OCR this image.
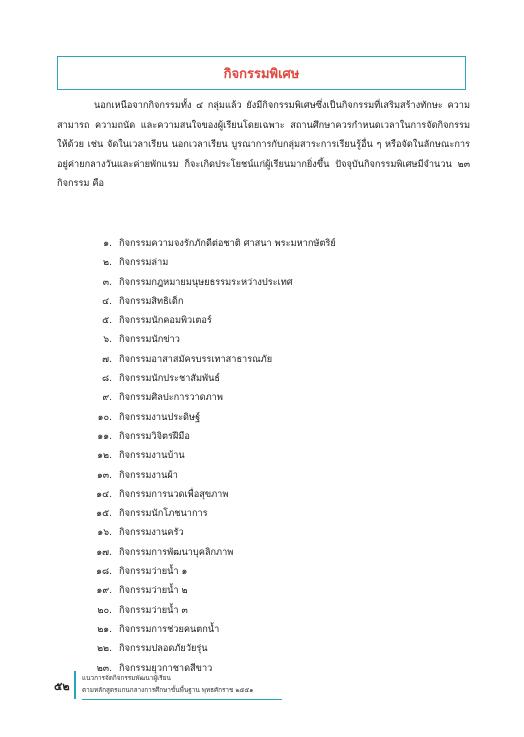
กิจกรรมพิเศษ

นอกเหนือจากกิจกรรมทั้ง ๔ กลุ่มแล้ว ยังมีกิจกรรมพิเศษซึ่งเป็นกิจกรรมที่เสริมสร้างทักษะ ความสามารถ ความถนัด และความสนใจของผู้เรียนโดยเฉพาะ สถานศึกษาควรกำหนดเวลาในการจัดกิจกรรมให้ด้วย เช่น จัดในเวลาเรียน นอกเวลาเรียน บูรณาการกับกลุ่มสาระการเรียนรู้อื่น ๆ หรือจัดในลักษณะการอยู่ค่ายกลางวันและค่ายพักแรม ก็จะเกิดประโยชน์แก่ผู้เรียนมากยิ่งขึ้น ปัจจุบันกิจกรรมพิเศษมีจำนวน ๒๓ กิจกรรม คือ

๑. กิจกรรมความจงรักภักดีต่อชาติ ศาสนา พระมหากษัตริย์
๒. กิจกรรมล่าม
๓. กิจกรรมกฎหมายมนุษยธรรมระหว่างประเทศ
๔. กิจกรรมสิทธิเด็ก
๕. กิจกรรมนักคอมพิวเตอร์
๖. กิจกรรมนักข่าว
๗. กิจกรรมอาสาสมัครบรรเทาสาธารณภัย
๘. กิจกรรมนักประชาสัมพันธ์
๙. กิจกรรมศิลปะการวาดภาพ
๑๐. กิจกรรมงานประดิษฐ์
๑๑. กิจกรรมวิจิตรฝีมือ
๑๒. กิจกรรมงานบ้าน
๑๓. กิจกรรมงานผ้า
๑๔. กิจกรรมการนวดเพื่อสุขภาพ
๑๕. กิจกรรมนักโภชนาการ
๑๖. กิจกรรมงานครัว
๑๗. กิจกรรมการพัฒนาบุคลิกภาพ
๑๘. กิจกรรมว่ายน้ำ ๑
๑๙. กิจกรรมว่ายน้ำ ๒
๒๐. กิจกรรมว่ายน้ำ ๓
๒๑. กิจกรรมการช่วยคนตกน้ำ
๒๒. กิจกรรมปลอดภัยวัยรุ่น
๒๓. กิจกรรมยุวกาชาดสีขาว
๕๒
แนวการจัดกิจกรรมพัฒนาผู้เรียน
ตามหลักสูตรแกนกลางการศึกษาขั้นพื้นฐาน พุทธศักราช ๒๕๕๑
